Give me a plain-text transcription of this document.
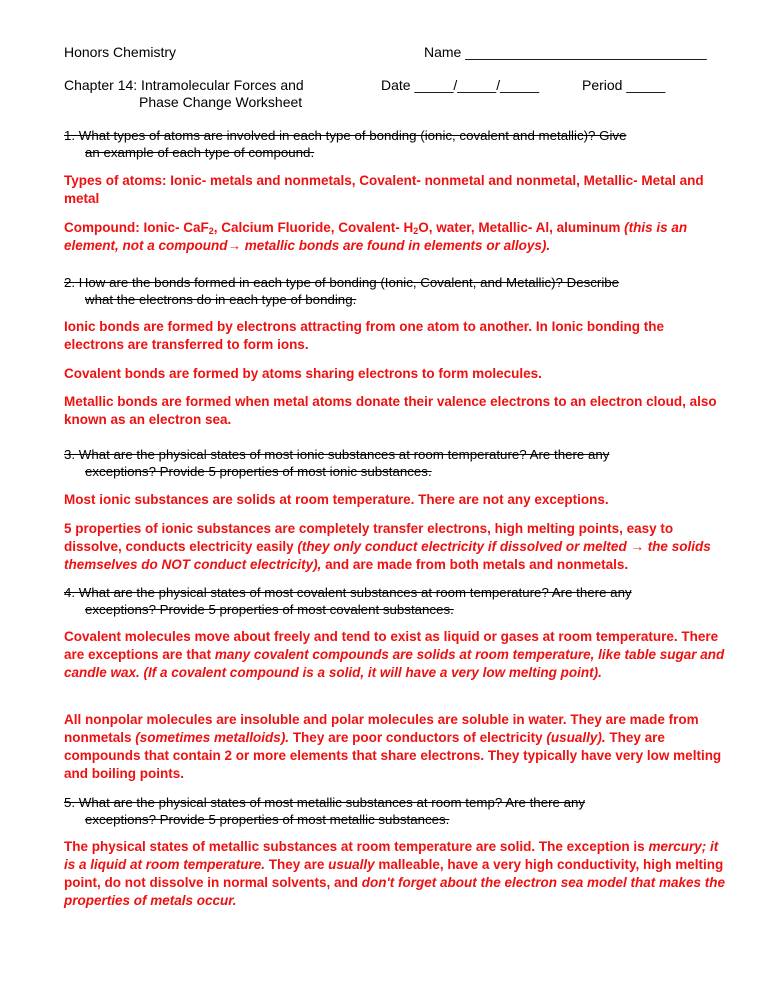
Honors Chemistry	Name _______________________________
Chapter 14: Intramolecular Forces and
Phase Change Worksheet
Date _____/_____/_____	Period _____
1. What types of atoms are involved in each type of bonding (ionic, covalent and metallic)? Give
an example of each type of compound.
Types of atoms: Ionic- metals and nonmetals, Covalent- nonmetal and nonmetal, Metallic- Metal and metal
Compound: Ionic- CaF$_2$, Calcium Fluoride, Covalent- $H_2O$, water, Metallic- Al, aluminum (this is an element, not a compound→ metallic bonds are found in elements or alloys).
2. How are the bonds formed in each type of bonding (Ionic, Covalent, and Metallic)? Describe
what the electrons do in each type of bonding.
Ionic bonds are formed by electrons attracting from one atom to another. In Ionic bonding the electrons are transferred to form ions.
Covalent bonds are formed by atoms sharing electrons to form molecules.
Metallic bonds are formed when metal atoms donate their valence electrons to an electron cloud, also known as an electron sea.
3. What are the physical states of most ionic substances at room temperature? Are there any
exceptions? Provide 5 properties of most ionic substances.
Most ionic substances are solids at room temperature. There are not any exceptions.
5 properties of ionic substances are completely transfer electrons, high melting points, easy to dissolve, conducts electricity easily (they only conduct electricity if dissolved or melted → the solids themselves do NOT conduct electricity), and are made from both metals and nonmetals.
4. What are the physical states of most covalent substances at room temperature? Are there any
exceptions? Provide 5 properties of most covalent substances.
Covalent molecules move about freely and tend to exist as liquid or gases at room temperature. There are exceptions are that many covalent compounds are solids at room temperature, like table sugar and candle wax. (If a covalent compound is a solid, it will have a very low melting point).
All nonpolar molecules are insoluble and polar molecules are soluble in water. They are made from nonmetals (sometimes metalloids). They are poor conductors of electricity (usually). They are compounds that contain 2 or more elements that share electrons. They typically have very low melting and boiling points.
5. What are the physical states of most metallic substances at room temp? Are there any
exceptions? Provide 5 properties of most metallic substances.
The physical states of metallic substances at room temperature are solid. The exception is mercury; it is a liquid at room temperature. They are usually malleable, have a very high conductivity, high melting point, do not dissolve in normal solvents, and don't forget about the electron sea model that makes the properties of metals occur.
